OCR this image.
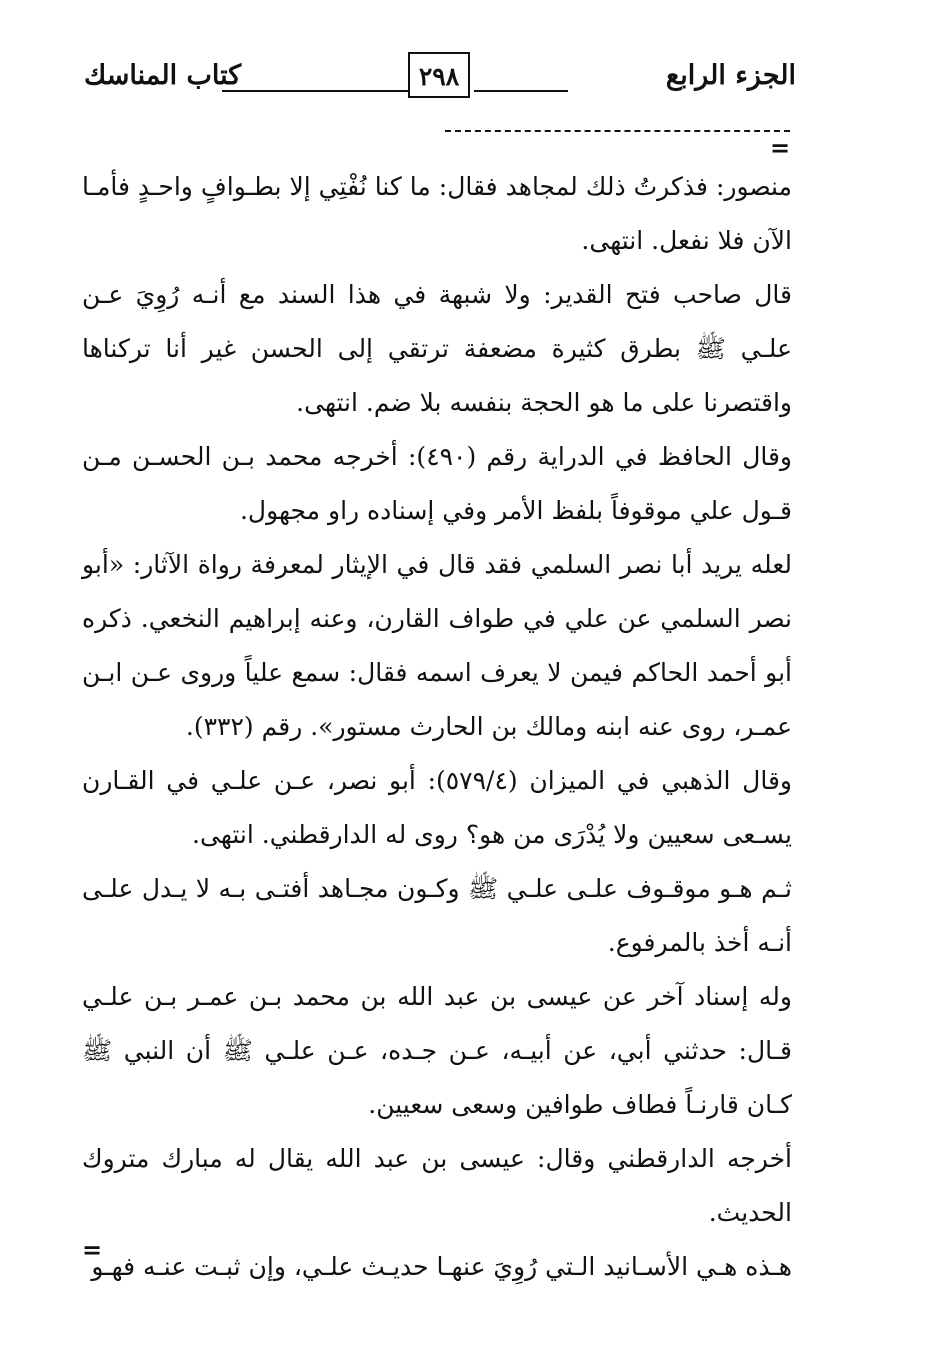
الجزء الرابع
٢٩٨
كتاب المناسك
=

منصور: فذكرتُ ذلك لمجاهد فقال: ما كنا نُفْتِي إلا بطـوافٍ واحـدٍ فأمـا الآن فلا نفعل. انتهى.

قال صاحب فتح القدير: ولا شبهة في هذا السند مع أنـه رُوِيَ عـن علـي ﷺ بطرق كثيرة مضعفة ترتقي إلى الحسن غير أنا تركناها واقتصرنا على ما هو الحجة بنفسه بلا ضم. انتهى.

وقال الحافظ في الدراية رقم (٤٩٠): أخرجه محمد بـن الحسـن مـن قـول علي موقوفاً بلفظ الأمر وفي إسناده راو مجهول.

لعله يريد أبا نصر السلمي فقد قال في الإيثار لمعرفة رواة الآثار: «أبو نصر السلمي عن علي في طواف القارن، وعنه إبراهيم النخعي. ذكره أبو أحمد الحاكم فيمن لا يعرف اسمه فقال: سمع علياً وروى عـن ابـن عمـر، روى عنه ابنه ومالك بن الحارث مستور». رقم (٣٣٢).

وقال الذهبي في الميزان (٥٧٩/٤): أبو نصر، عـن علـي في القـارن يسـعى سعيين ولا يُدْرَى من هو؟ روى له الدارقطني. انتهى.

ثـم هـو موقـوف علـى علـي ﷺ وكـون مجـاهد أفتـى بـه لا يـدل علـى أنـه أخذ بالمرفوع.

وله إسناد آخر عن عيسى بن عبد الله بن محمد بـن عمـر بـن علـي قـال: حدثني أبي، عن أبيـه، عـن جـده، عـن علـي ﷺ أن النبي ﷺ كـان قارنـاً فطاف طوافين وسعى سعيين.

أخرجه الدارقطني وقال: عيسى بن عبد الله يقال له مبارك متروك الحديث.

هـذه هـي الأسـانيد الـتي رُوِيَ عنهـا حديـث علـي، وإن ثبـت عنـه فهـو

=
